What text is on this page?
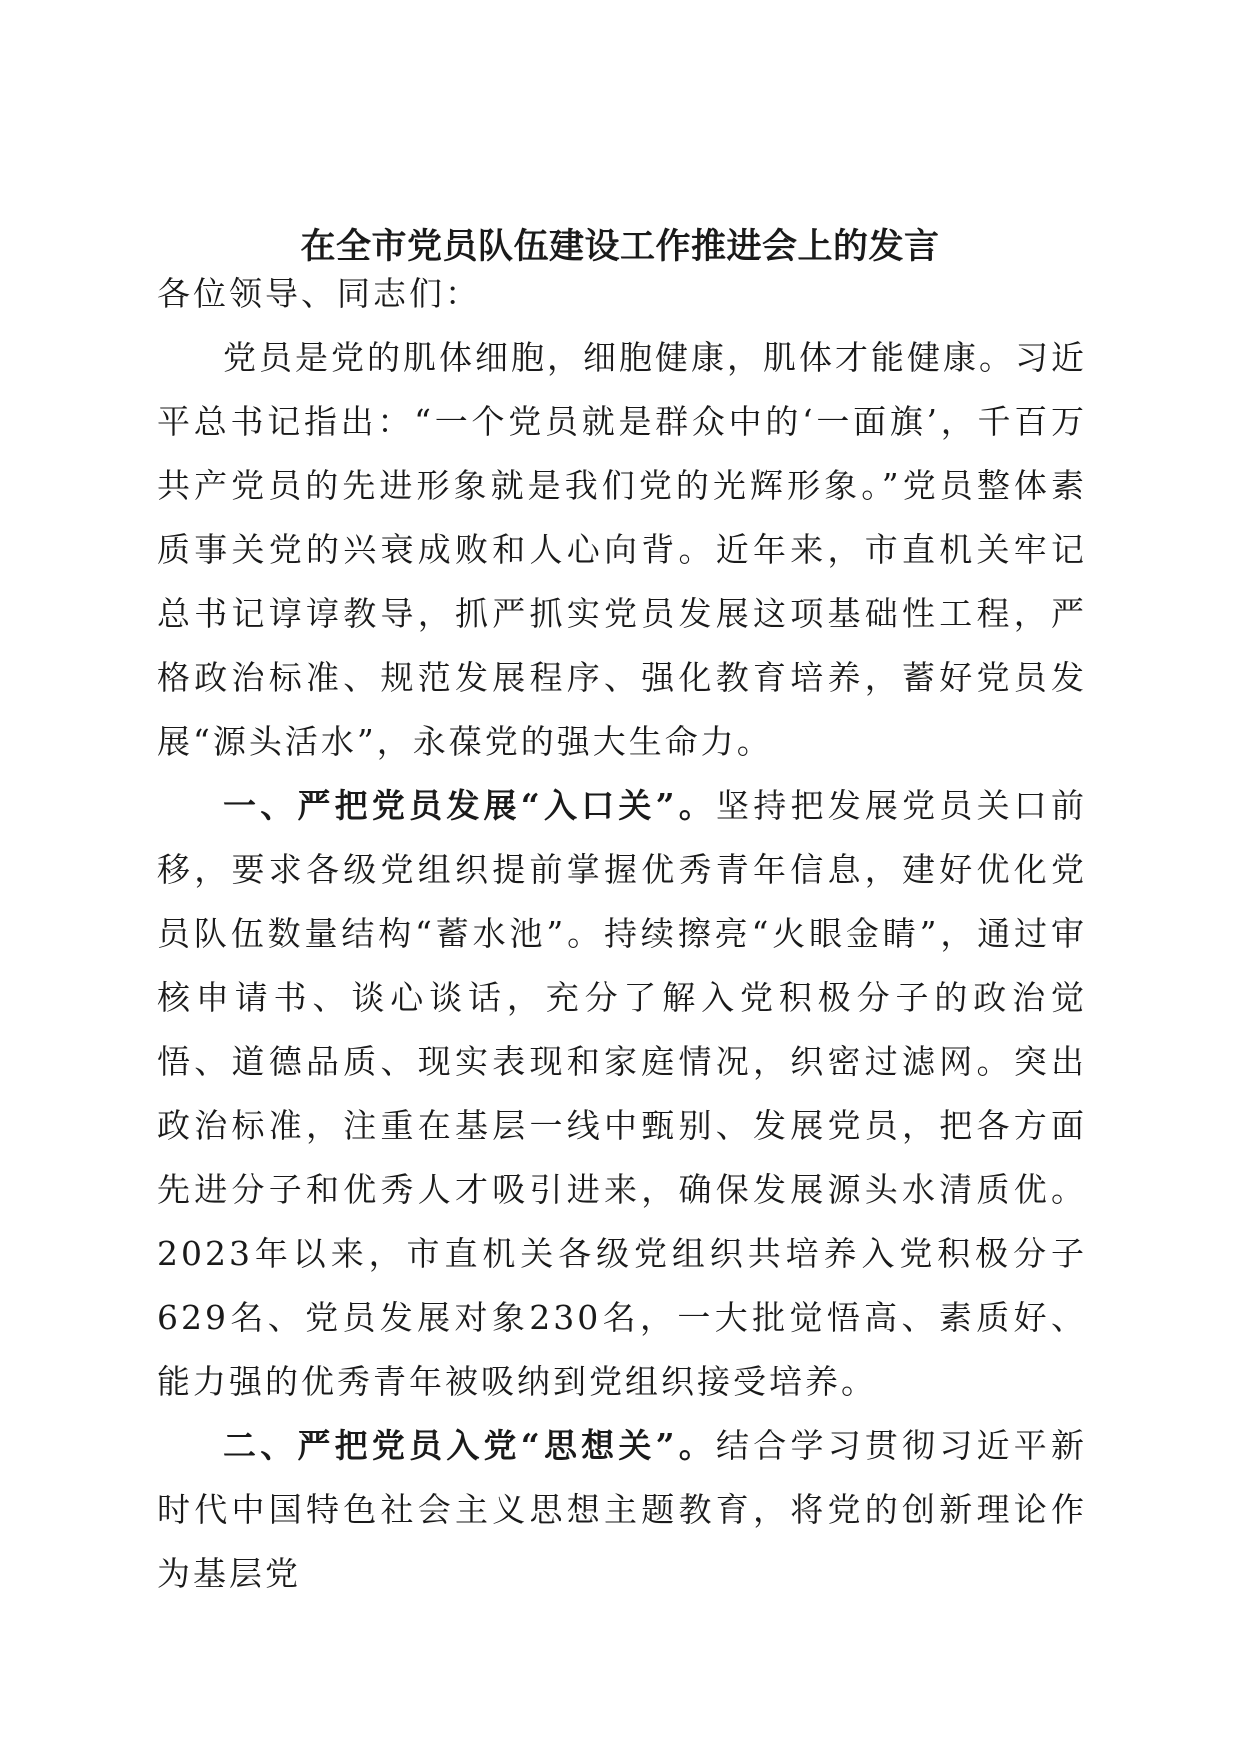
在全市党员队伍建设工作推进会上的发言

各位领导、同志们：

党员是党的肌体细胞，细胞健康，肌体才能健康。习近平总书记指出：“一个党员就是群众中的‘一面旗’，千百万共产党员的先进形象就是我们党的光辉形象。”党员整体素质事关党的兴衰成败和人心向背。近年来，市直机关牢记总书记谆谆教导，抓严抓实党员发展这项基础性工程，严格政治标准、规范发展程序、强化教育培养，蓄好党员发展“源头活水”，永葆党的强大生命力。

一、严把党员发展“入口关”。坚持把发展党员关口前移，要求各级党组织提前掌握优秀青年信息，建好优化党员队伍数量结构“蓄水池”。持续擦亮“火眼金睛”，通过审核申请书、谈心谈话，充分了解入党积极分子的政治觉悟、道德品质、现实表现和家庭情况，织密过滤网。突出政治标准，注重在基层一线中甄别、发展党员，把各方面先进分子和优秀人才吸引进来，确保发展源头水清质优。2023年以来，市直机关各级党组织共培养入党积极分子629名、党员发展对象230名，一大批觉悟高、素质好、能力强的优秀青年被吸纳到党组织接受培养。

二、严把党员入党“思想关”。结合学习贯彻习近平新时代中国特色社会主义思想主题教育，将党的创新理论作为基层党
